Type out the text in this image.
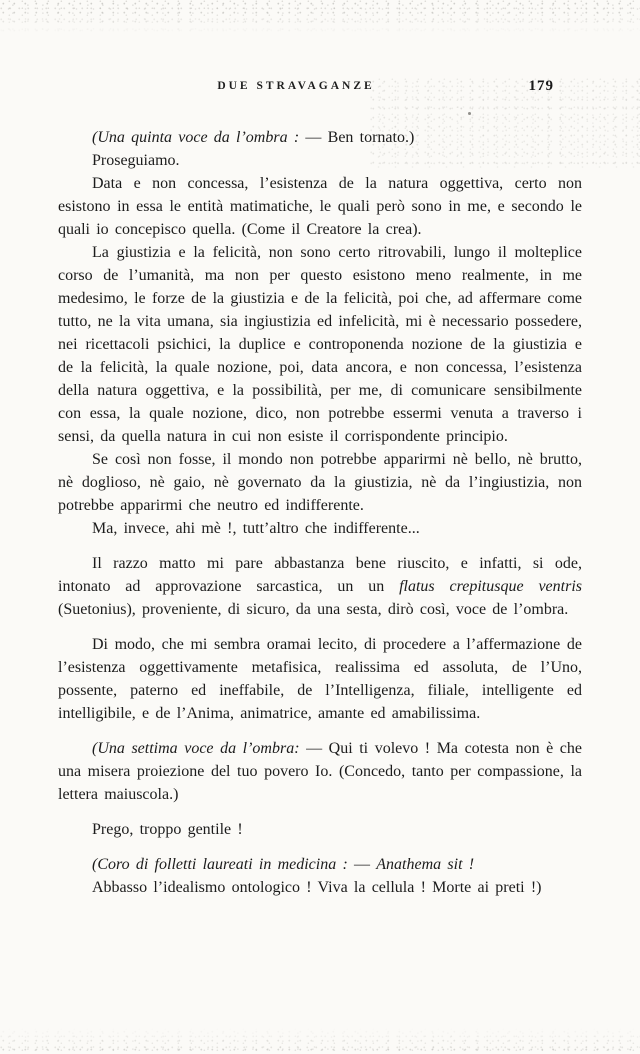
DUE STRAVAGANZE	179

(Una quinta voce da l’ombra : — Ben tornato.)

Proseguiamo.

Data e non concessa, l’esistenza de la natura oggettiva, certo non esistono in essa le entità matimatiche, le quali però sono in me, e secondo le quali io concepisco quella. (Come il Creatore la crea).

La giustizia e la felicità, non sono certo ritrovabili, lungo il molteplice corso de l’umanità, ma non per questo esistono meno realmente, in me medesimo, le forze de la giustizia e de la felicità, poi che, ad affermare come tutto, ne la vita umana, sia ingiustizia ed infelicità, mi è necessario possedere, nei ricettacoli psichici, la duplice e controponenda nozione de la giustizia e de la felicità, la quale nozione, poi, data ancora, e non concessa, l’esistenza della natura oggettiva, e la possibilità, per me, di comunicare sensibilmente con essa, la quale nozione, dico, non potrebbe essermi venuta a traverso i sensi, da quella natura in cui non esiste il corrispondente principio.

Se così non fosse, il mondo non potrebbe apparirmi nè bello, nè brutto, nè doglioso, nè gaio, nè governato da la giustizia, nè da l’ingiustizia, non potrebbe apparirmi che neutro ed indifferente.

Ma, invece, ahi mè !, tutt’altro che indifferente...

Il razzo matto mi pare abbastanza bene riuscito, e infatti, si ode, intonato ad approvazione sarcastica, un un flatus crepitusque ventris (Suetonius), proveniente, di sicuro, da una sesta, dirò così, voce de l’ombra.

Di modo, che mi sembra oramai lecito, di procedere a l’affermazione de l’esistenza oggettivamente metafisica, realissima ed assoluta, de l’Uno, possente, paterno ed ineffabile, de l’Intelligenza, filiale, intelligente ed intelligibile, e de l’Anima, animatrice, amante ed amabilissima.

(Una settima voce da l’ombra: — Qui ti volevo ! Ma cotesta non è che una misera proiezione del tuo povero Io. (Concedo, tanto per compassione, la lettera maiuscola.)

Prego, troppo gentile !

(Coro di folletti laureati in medicina : — Anathema sit !

Abbasso l’idealismo ontologico ! Viva la cellula ! Morte ai preti !)
